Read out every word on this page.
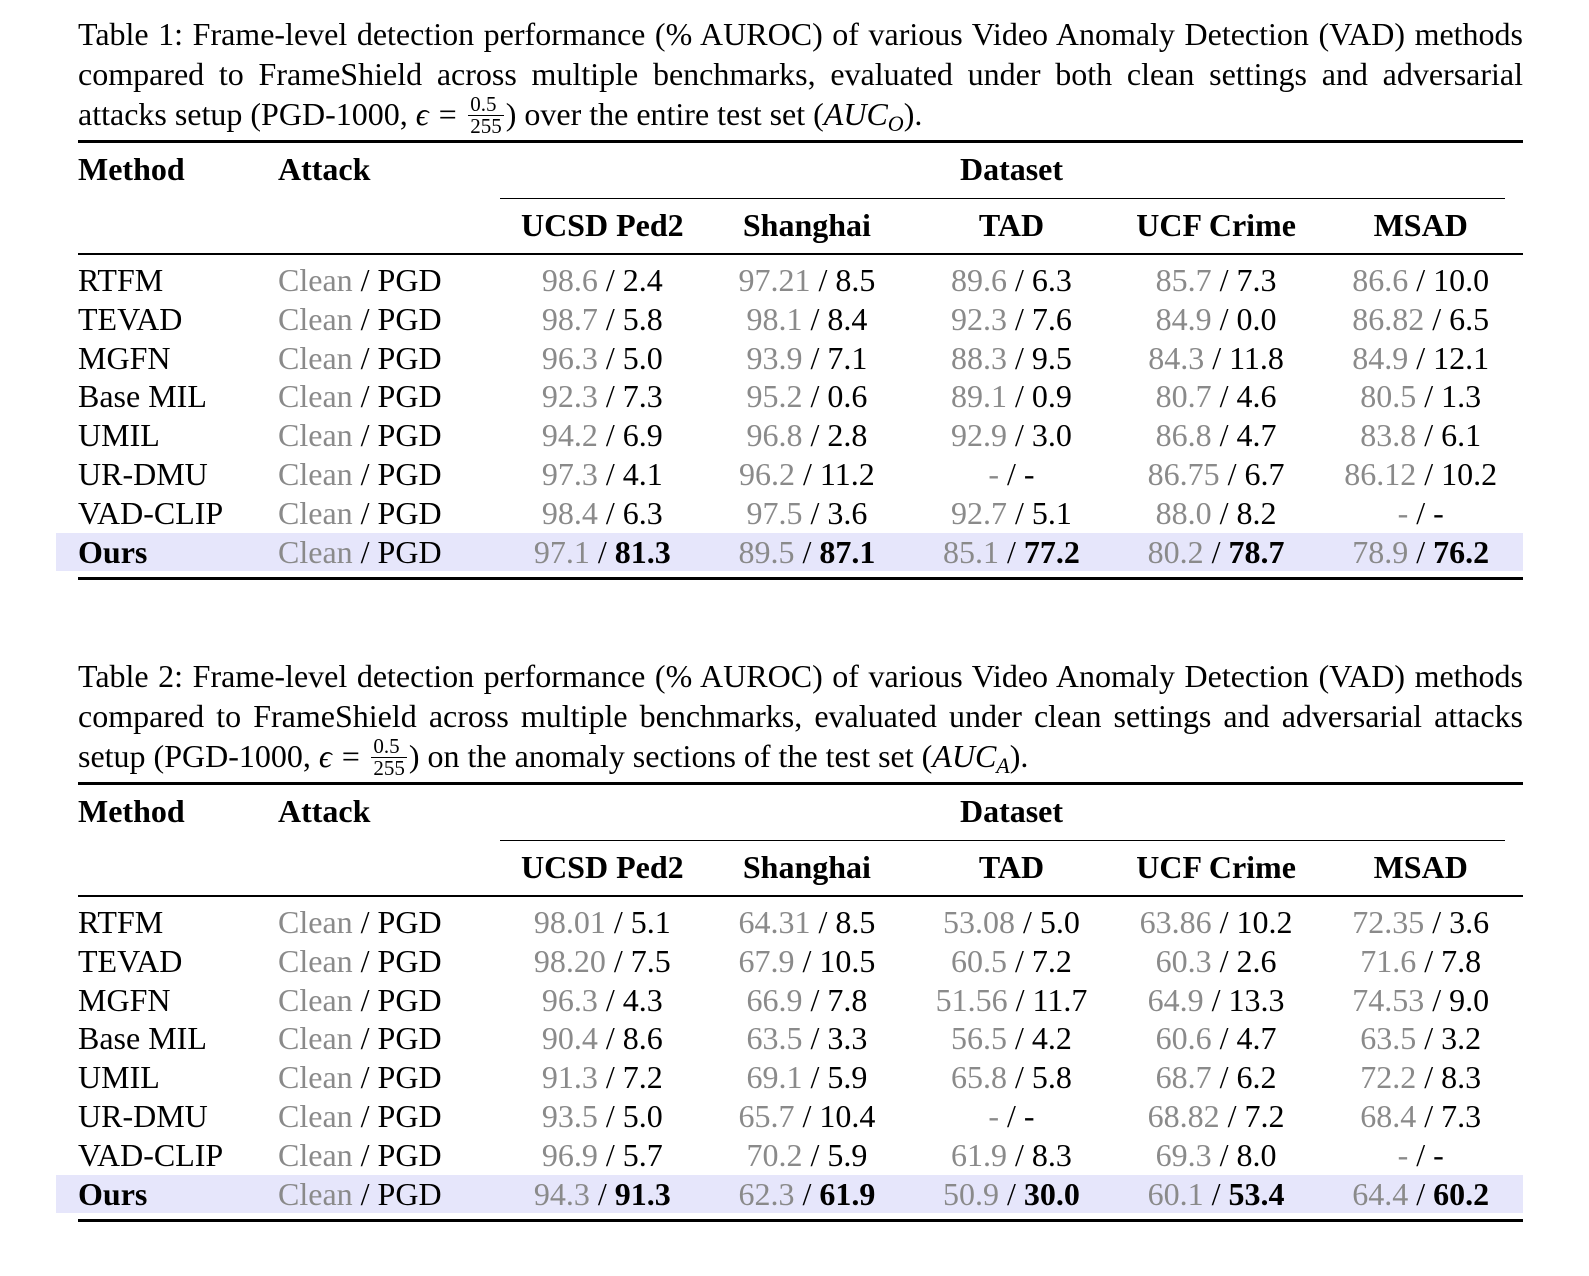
Table 1: Frame-level detection performance (% AUROC) of various Video Anomaly Detection (VAD) methods compared to FrameShield across multiple benchmarks, evaluated under both clean settings and adversarial attacks setup (PGD-1000, $\epsilon = \frac{0.5}{255}$ ) over the entire test set $(AUC_O)$.

Method	Attack	Dataset				

		UCSD Ped2	Shanghai	TAD	UCF Crime	MSAD
RTFM	Clean / PGD	98.6 / 2.4	97.21 / 8.5	89.6 / 6.3	85.7 / 7.3	86.6 / 10.0
TEVAD	Clean / PGD	98.7 / 5.8	98.1 / 8.4	92.3 / 7.6	84.9 / 0.0	86.82 / 6.5
MGFN	Clean / PGD	96.3 / 5.0	93.9 / 7.1	88.3 / 9.5	84.3 / 11.8	84.9 / 12.1
Base MIL	Clean / PGD	92.3 / 7.3	95.2 / 0.6	89.1 / 0.9	80.7 / 4.6	80.5 / 1.3
UMIL	Clean / PGD	94.2 / 6.9	96.8 / 2.8	92.9 / 3.0	86.8 / 4.7	83.8 / 6.1
UR-DMU	Clean / PGD	97.3 / 4.1	96.2 / 11.2	- / -	86.75 / 6.7	86.12 / 10.2
VAD-CLIP	Clean / PGD	98.4 / 6.3	97.5 / 3.6	92.7 / 5.1	88.0 / 8.2	- / -
Ours	Clean / PGD	97.1 / 81.3	89.5 / 87.1	85.1 / 77.2	80.2 / 78.7	78.9 / 76.2

Table 2: Frame-level detection performance (% AUROC) of various Video Anomaly Detection (VAD) methods compared to FrameShield across multiple benchmarks, evaluated under clean settings and adversarial attacks setup (PGD-1000, $\epsilon = \frac{0.5}{255}$ ) on the anomaly sections of the test set $(AUC_A)$.

Method	Attack	Dataset				

		UCSD Ped2	Shanghai	TAD	UCF Crime	MSAD
RTFM	Clean / PGD	98.01 / 5.1	64.31 / 8.5	53.08 / 5.0	63.86 / 10.2	72.35 / 3.6
TEVAD	Clean / PGD	98.20 / 7.5	67.9 / 10.5	60.5 / 7.2	60.3 / 2.6	71.6 / 7.8
MGFN	Clean / PGD	96.3 / 4.3	66.9 / 7.8	51.56 / 11.7	64.9 / 13.3	74.53 / 9.0
Base MIL	Clean / PGD	90.4 / 8.6	63.5 / 3.3	56.5 / 4.2	60.6 / 4.7	63.5 / 3.2
UMIL	Clean / PGD	91.3 / 7.2	69.1 / 5.9	65.8 / 5.8	68.7 / 6.2	72.2 / 8.3
UR-DMU	Clean / PGD	93.5 / 5.0	65.7 / 10.4	- / -	68.82 / 7.2	68.4 / 7.3
VAD-CLIP	Clean / PGD	96.9 / 5.7	70.2 / 5.9	61.9 / 8.3	69.3 / 8.0	- / -
Ours	Clean / PGD	94.3 / 91.3	62.3 / 61.9	50.9 / 30.0	60.1 / 53.4	64.4 / 60.2
